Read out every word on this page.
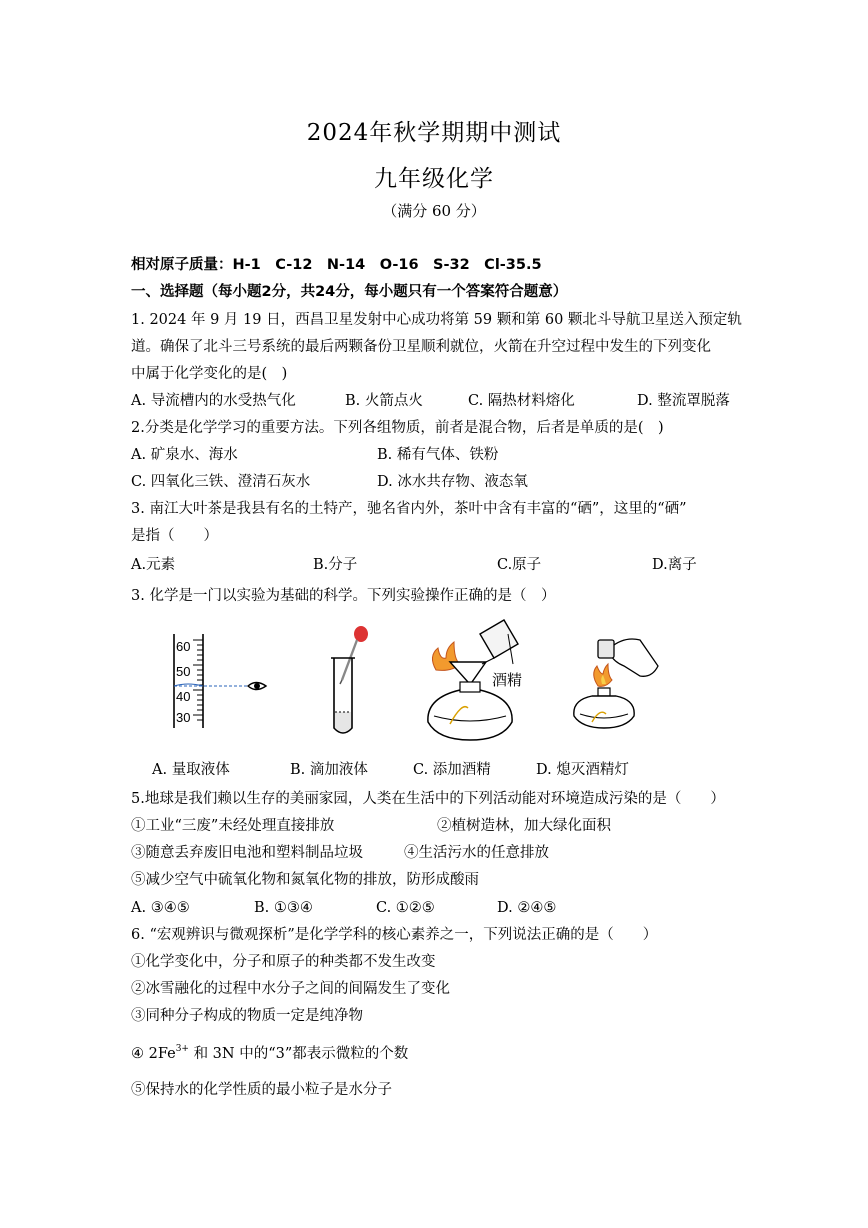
2024年秋学期期中测试
九年级化学
（满分 60 分）
相对原子质量：H-1　C-12　N-14　O-16　S-32　Cl-35.5
一、选择题（每小题2分，共24分，每小题只有一个答案符合题意）
1. 2024 年 9 月 19 日，西昌卫星发射中心成功将第 59 颗和第 60 颗北斗导航卫星送入预定轨
道。确保了北斗三号系统的最后两颗备份卫星顺利就位，火箭在升空过程中发生的下列变化
中属于化学变化的是(　)
A. 导流槽内的水受热气化	B. 火箭点火	C. 隔热材料熔化	D. 整流罩脱落
2.分类是化学学习的重要方法。下列各组物质，前者是混合物，后者是单质的是(　)
A. 矿泉水、海水	B. 稀有气体、铁粉
C. 四氧化三铁、澄清石灰水	D. 冰水共存物、液态氧
3. 南江大叶茶是我县有名的土特产，驰名省内外，茶叶中含有丰富的“硒”，这里的“硒”
是指（　　）
A.元素	B.分子	C.原子	D.离子
3. 化学是一门以实验为基础的科学。下列实验操作正确的是（　）
60
50
40
30
酒精
A. 量取液体	B. 滴加液体	C. 添加酒精	D. 熄灭酒精灯
5.地球是我们赖以生存的美丽家园，人类在生活中的下列活动能对环境造成污染的是（　　）
①工业“三废”未经处理直接排放	②植树造林，加大绿化面积
③随意丢弃废旧电池和塑料制品垃圾	④生活污水的任意排放
⑤减少空气中硫氧化物和氮氧化物的排放，防形成酸雨
A. ③④⑤	B. ①③④	C. ①②⑤	D. ②④⑤
6. “宏观辨识与微观探析”是化学学科的核心素养之一，下列说法正确的是（　　）
①化学变化中，分子和原子的种类都不发生改变
②冰雪融化的过程中水分子之间的间隔发生了变化
③同种分子构成的物质一定是纯净物
④ $2Fe^{3+}$ 和 3N 中的“3”都表示微粒的个数
⑤保持水的化学性质的最小粒子是水分子
